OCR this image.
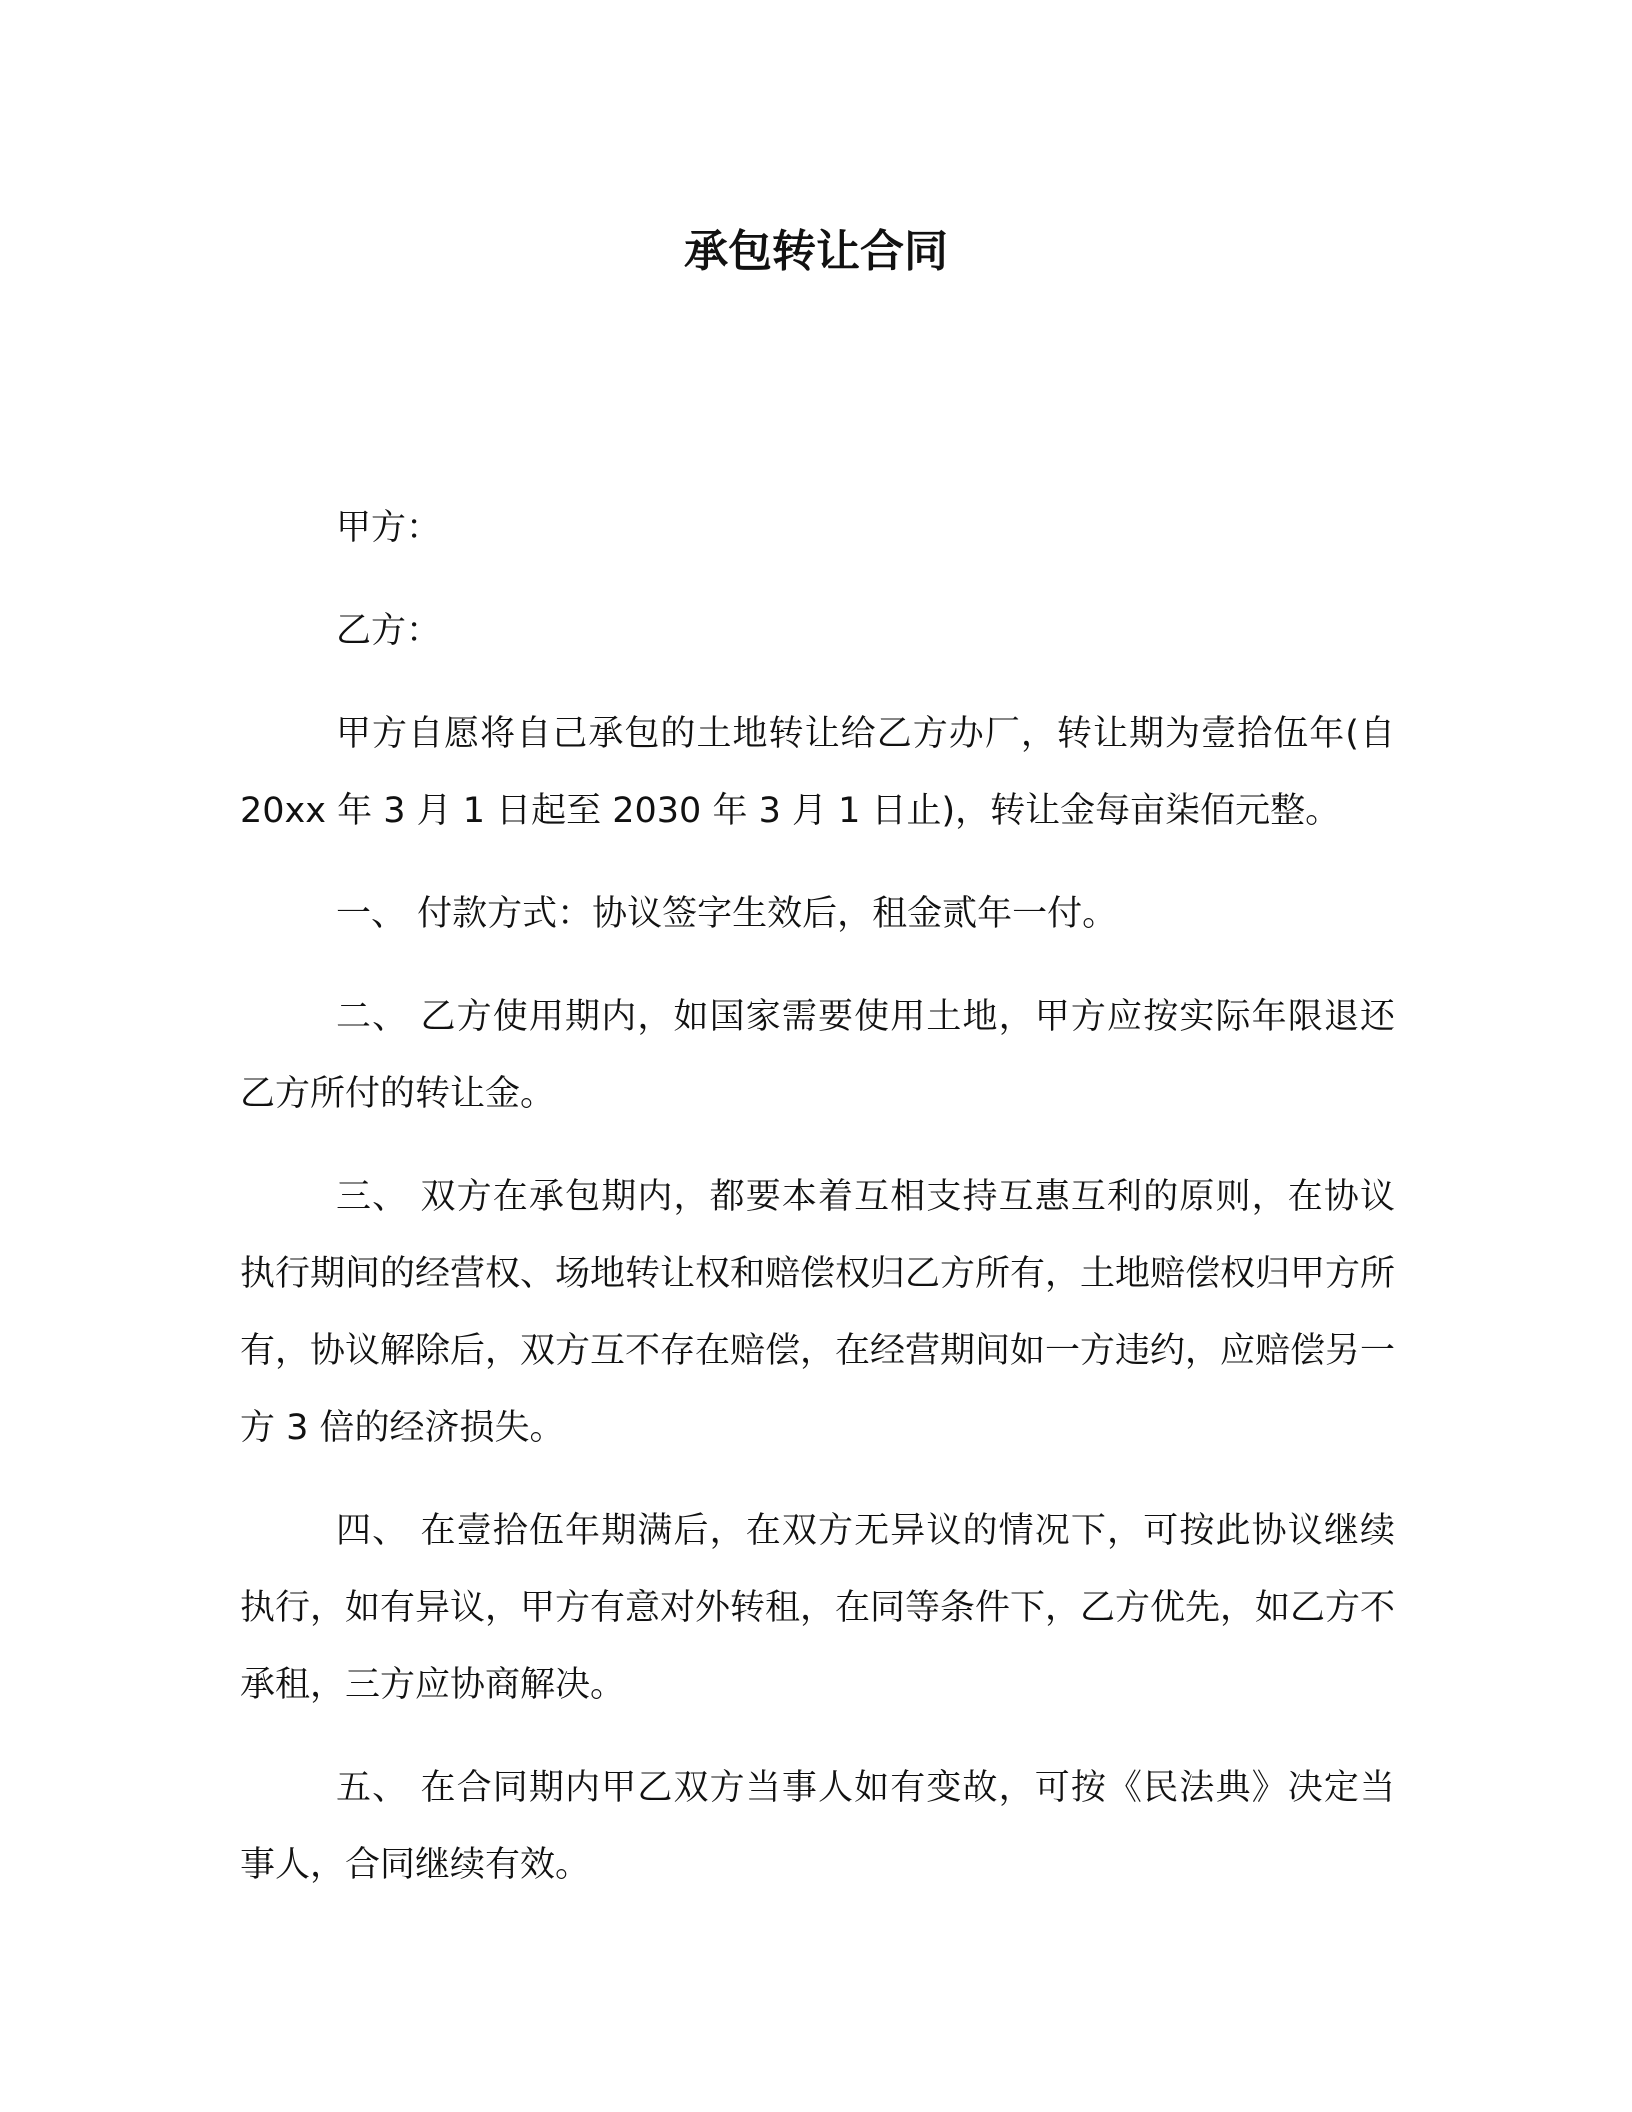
承包转让合同

甲方：

乙方：

甲方自愿将自己承包的土地转让给乙方办厂，转让期为壹拾伍年(自 20xx 年 3 月 1 日起至 2030 年 3 月 1 日止)，转让金每亩柒佰元整。

一、 付款方式：协议签字生效后，租金贰年一付。

二、 乙方使用期内，如国家需要使用土地，甲方应按实际年限退还乙方所付的转让金。

三、 双方在承包期内，都要本着互相支持互惠互利的原则，在协议执行期间的经营权、场地转让权和赔偿权归乙方所有，土地赔偿权归甲方所有，协议解除后，双方互不存在赔偿，在经营期间如一方违约，应赔偿另一方 3 倍的经济损失。

四、 在壹拾伍年期满后，在双方无异议的情况下，可按此协议继续执行，如有异议，甲方有意对外转租，在同等条件下，乙方优先，如乙方不承租，三方应协商解决。

五、 在合同期内甲乙双方当事人如有变故，可按《民法典》决定当事人，合同继续有效。
